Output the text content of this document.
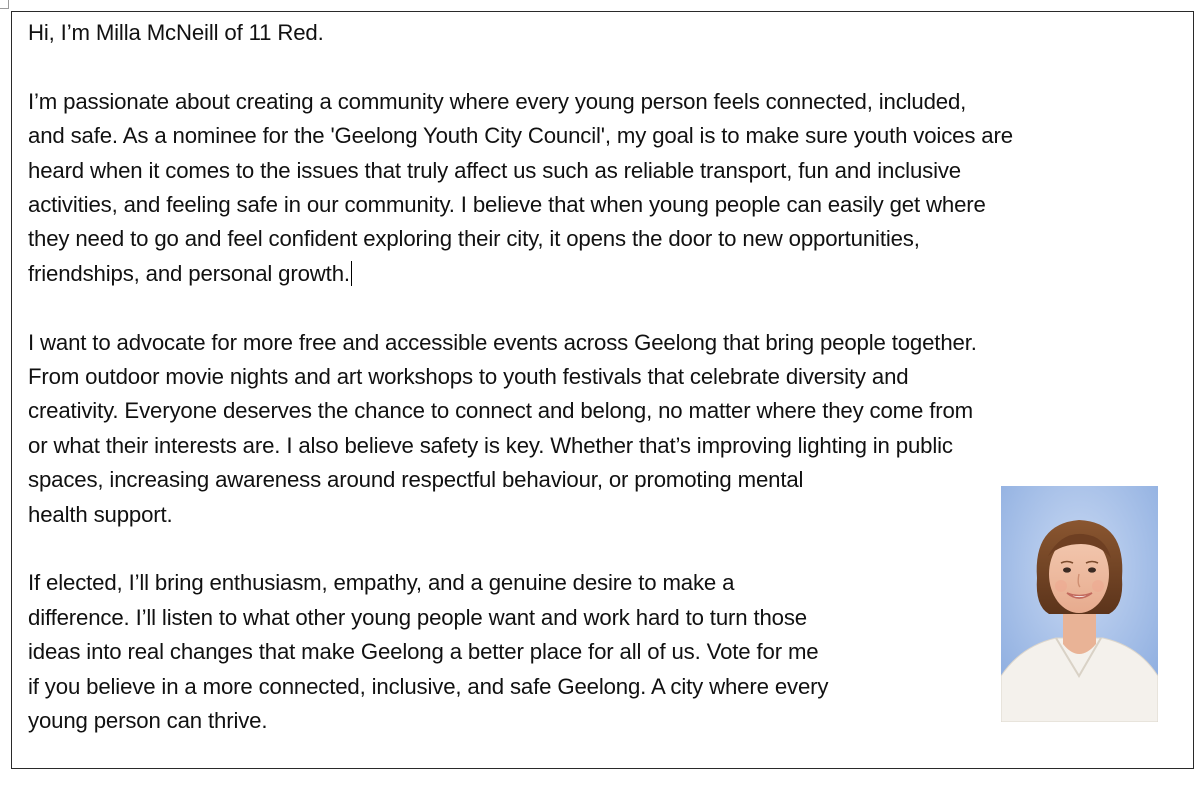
Hi, I’m Milla McNeill of 11 Red.

I’m passionate about creating a community where every young person feels connected, included,
and safe. As a nominee for the 'Geelong Youth City Council', my goal is to make sure youth voices are
heard when it comes to the issues that truly affect us such as reliable transport, fun and inclusive
activities, and feeling safe in our community. I believe that when young people can easily get where
they need to go and feel confident exploring their city, it opens the door to new opportunities,
friendships, and personal growth.

I want to advocate for more free and accessible events across Geelong that bring people together.
From outdoor movie nights and art workshops to youth festivals that celebrate diversity and
creativity. Everyone deserves the chance to connect and belong, no matter where they come from
or what their interests are. I also believe safety is key. Whether that’s improving lighting in public
spaces, increasing awareness around respectful behaviour, or promoting mental
health support.

If elected, I’ll bring enthusiasm, empathy, and a genuine desire to make a
difference. I’ll listen to what other young people want and work hard to turn those
ideas into real changes that make Geelong a better place for all of us. Vote for me
if you believe in a more connected, inclusive, and safe Geelong. A city where every
young person can thrive.
